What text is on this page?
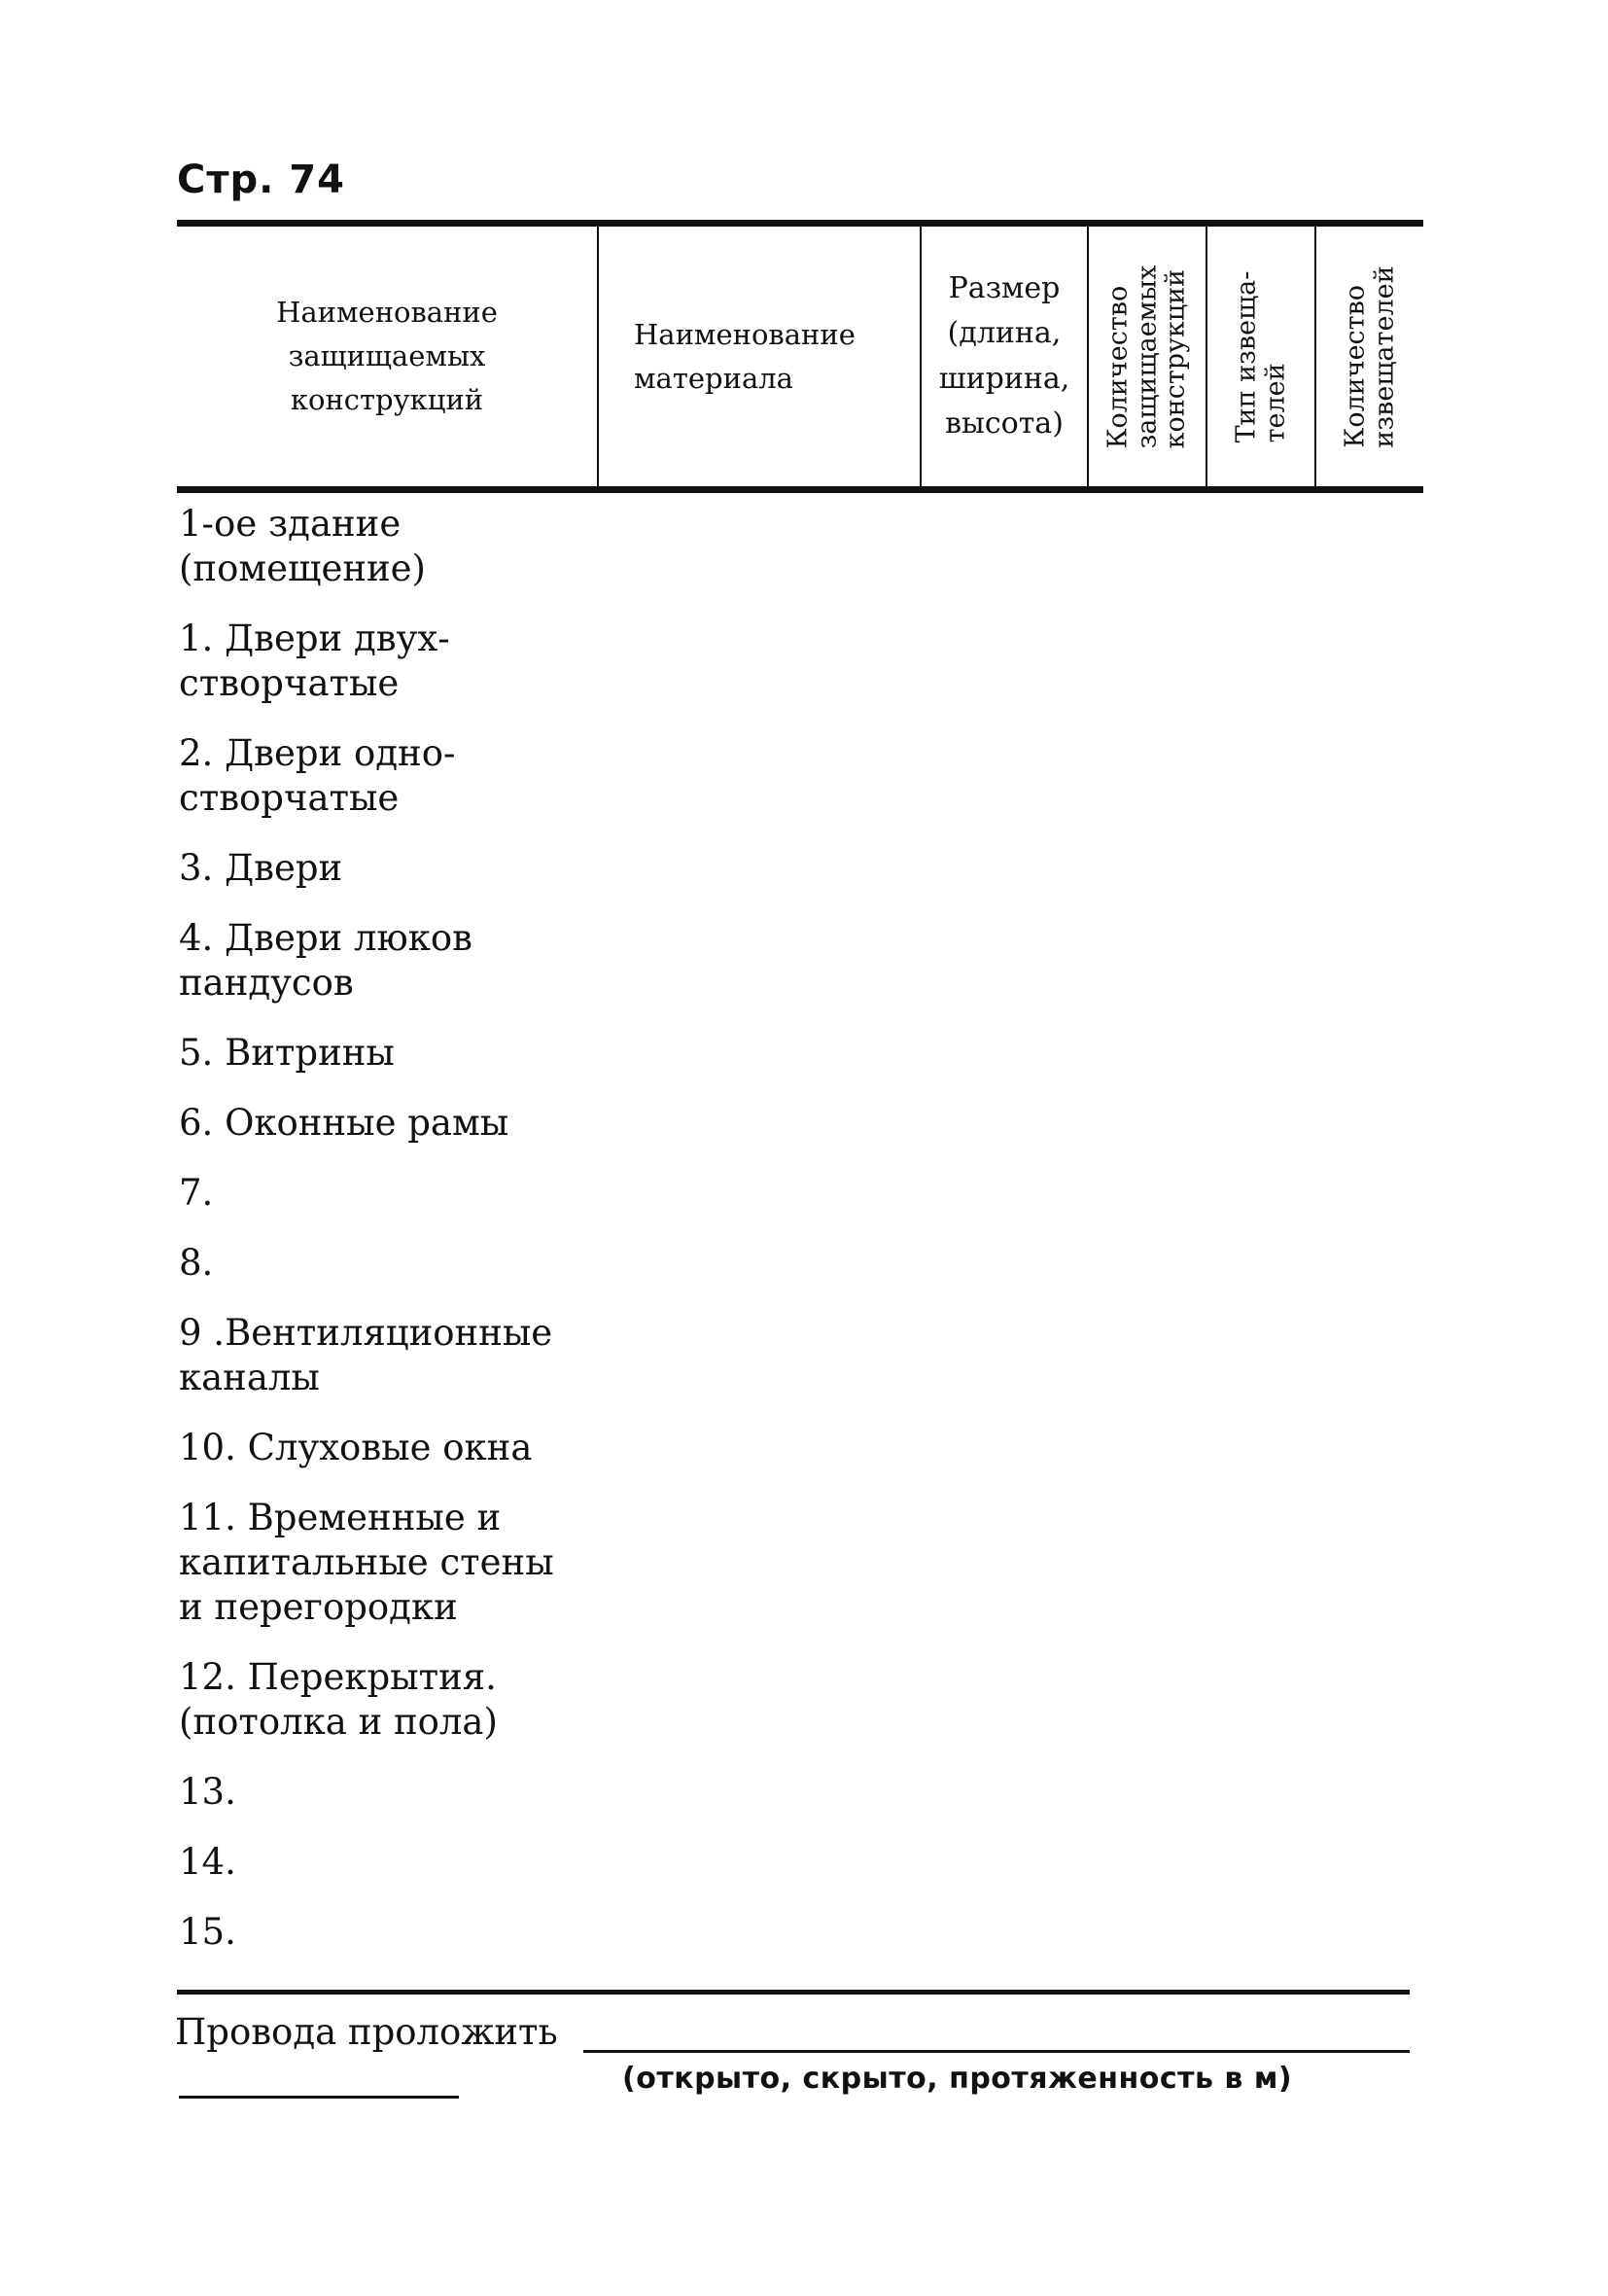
Стр. 74
Наименование
защищаемых
конструкций
Наименование
материала
Размер
(длина,
ширина,
высота) Количество
защищаемых
конструкций Тип извеща-
телей Количество
извещателей
1-ое здание
(помещение)
1. Двери двух-
створчатые
2. Двери одно-
створчатые
3. Двери
4. Двери люков
пандусов
5. Витрины
6. Оконные рамы
7.
8.
9 .Вентиляционные
каналы
10. Слуховые окна
11. Временные и
капитальные стены
и перегородки
12. Перекрытия.
(потолка и пола)
13.
14.
15.
Провода проложить
(открыто, скрыто, протяженность в м)
